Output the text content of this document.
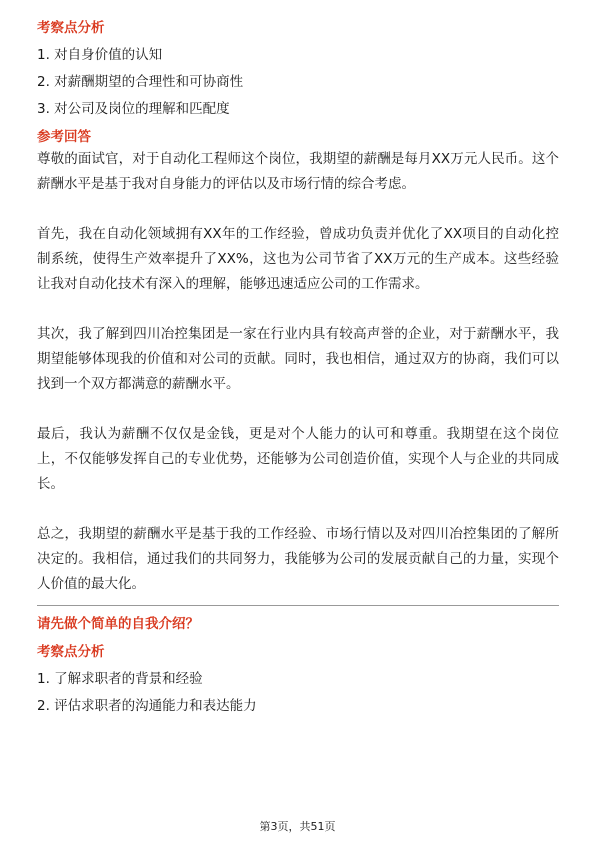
考察点分析

1. 对自身价值的认知

2. 对薪酬期望的合理性和可协商性

3. 对公司及岗位的理解和匹配度

参考回答

尊敬的面试官，对于自动化工程师这个岗位，我期望的薪酬是每月XX万元人民币。这个薪酬水平是基于我对自身能力的评估以及市场行情的综合考虑。

首先，我在自动化领域拥有XX年的工作经验，曾成功负责并优化了XX项目的自动化控制系统，使得生产效率提升了XX%，这也为公司节省了XX万元的生产成本。这些经验让我对自动化技术有深入的理解，能够迅速适应公司的工作需求。

其次，我了解到四川冶控集团是一家在行业内具有较高声誉的企业，对于薪酬水平，我期望能够体现我的价值和对公司的贡献。同时，我也相信，通过双方的协商，我们可以找到一个双方都满意的薪酬水平。

最后，我认为薪酬不仅仅是金钱，更是对个人能力的认可和尊重。我期望在这个岗位上，不仅能够发挥自己的专业优势，还能够为公司创造价值，实现个人与企业的共同成长。

总之，我期望的薪酬水平是基于我的工作经验、市场行情以及对四川冶控集团的了解所决定的。我相信，通过我们的共同努力，我能够为公司的发展贡献自己的力量，实现个人价值的最大化。

请先做个简单的自我介绍？

考察点分析

1. 了解求职者的背景和经验

2. 评估求职者的沟通能力和表达能力

第3页，共51页
